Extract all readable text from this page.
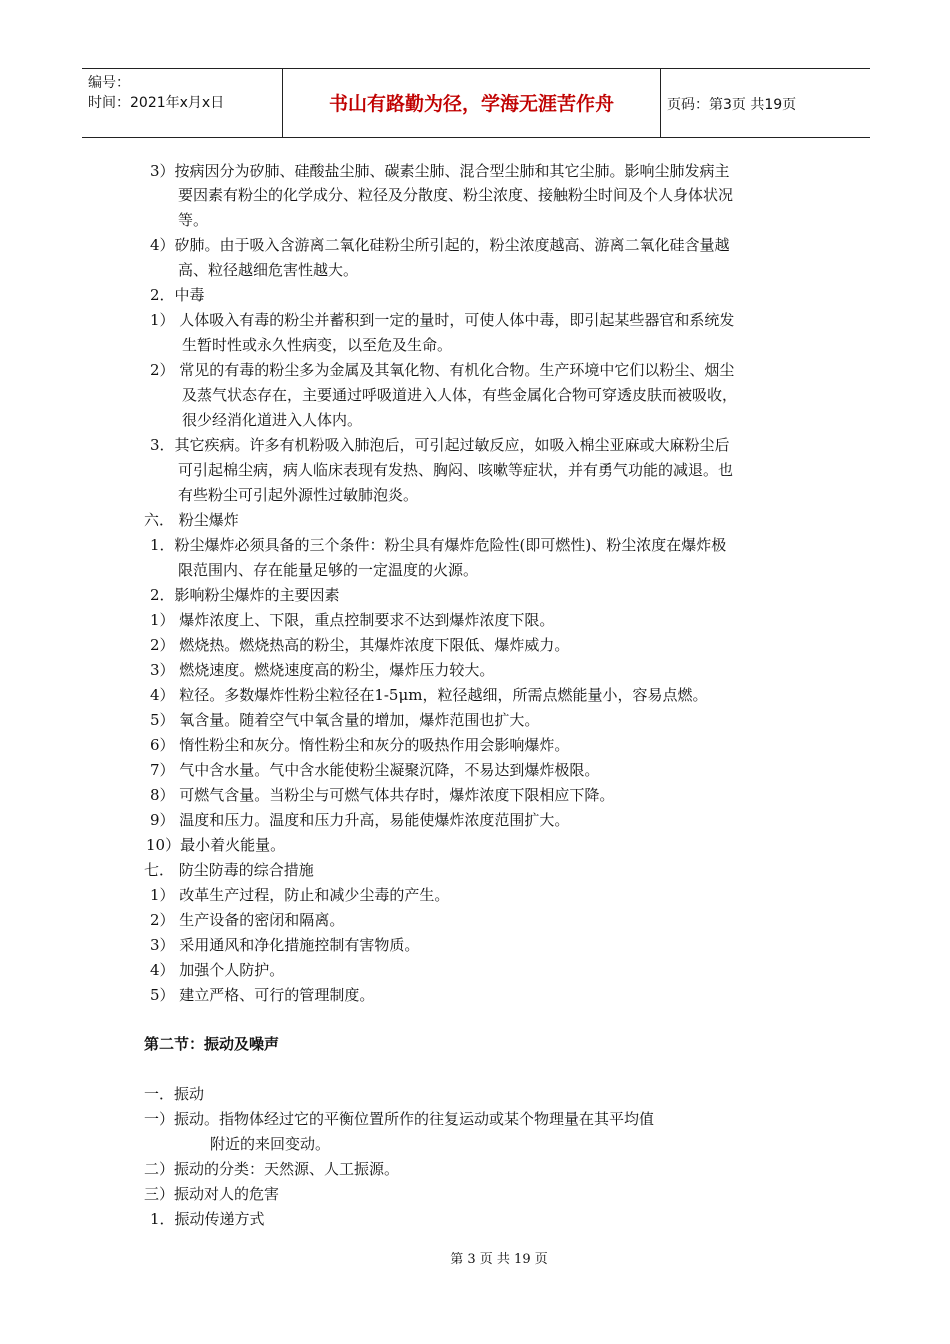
编号：
时间：2021年x月x日	书山有路勤为径，学海无涯苦作舟	页码：第3页 共19页
3）按病因分为矽肺、硅酸盐尘肺、碳素尘肺、混合型尘肺和其它尘肺。影响尘肺发病主
要因素有粉尘的化学成分、粒径及分散度、粉尘浓度、接触粉尘时间及个人身体状况
等。
4）矽肺。由于吸入含游离二氧化硅粉尘所引起的，粉尘浓度越高、游离二氧化硅含量越
高、粒径越细危害性越大。
2．中毒
1） 人体吸入有毒的粉尘并蓄积到一定的量时，可使人体中毒，即引起某些器官和系统发
生暂时性或永久性病变，以至危及生命。
2） 常见的有毒的粉尘多为金属及其氧化物、有机化合物。生产环境中它们以粉尘、烟尘
及蒸气状态存在，主要通过呼吸道进入人体，有些金属化合物可穿透皮肤而被吸收，
很少经消化道进入人体内。
3．其它疾病。许多有机粉吸入肺泡后，可引起过敏反应，如吸入棉尘亚麻或大麻粉尘后
可引起棉尘病，病人临床表现有发热、胸闷、咳嗽等症状，并有勇气功能的减退。也
有些粉尘可引起外源性过敏肺泡炎。
六． 粉尘爆炸
1．粉尘爆炸必须具备的三个条件：粉尘具有爆炸危险性(即可燃性)、粉尘浓度在爆炸极
限范围内、存在能量足够的一定温度的火源。
2．影响粉尘爆炸的主要因素
1） 爆炸浓度上、下限，重点控制要求不达到爆炸浓度下限。
2） 燃烧热。燃烧热高的粉尘，其爆炸浓度下限低、爆炸威力。
3） 燃烧速度。燃烧速度高的粉尘，爆炸压力较大。
4） 粒径。多数爆炸性粉尘粒径在1-5μm，粒径越细，所需点燃能量小，容易点燃。
5） 氧含量。随着空气中氧含量的增加，爆炸范围也扩大。
6） 惰性粉尘和灰分。惰性粉尘和灰分的吸热作用会影响爆炸。
7） 气中含水量。气中含水能使粉尘凝聚沉降，不易达到爆炸极限。
8） 可燃气含量。当粉尘与可燃气体共存时，爆炸浓度下限相应下降。
9） 温度和压力。温度和压力升高，易能使爆炸浓度范围扩大。
10）最小着火能量。
七． 防尘防毒的综合措施
1） 改革生产过程，防止和减少尘毒的产生。
2） 生产设备的密闭和隔离。
3） 采用通风和净化措施控制有害物质。
4） 加强个人防护。
5） 建立严格、可行的管理制度。
第二节：振动及噪声
一．振动
一）振动。指物体经过它的平衡位置所作的往复运动或某个物理量在其平均值
附近的来回变动。
二）振动的分类：天然源、人工振源。
三）振动对人的危害
1．振动传递方式
第 3 页 共 19 页
